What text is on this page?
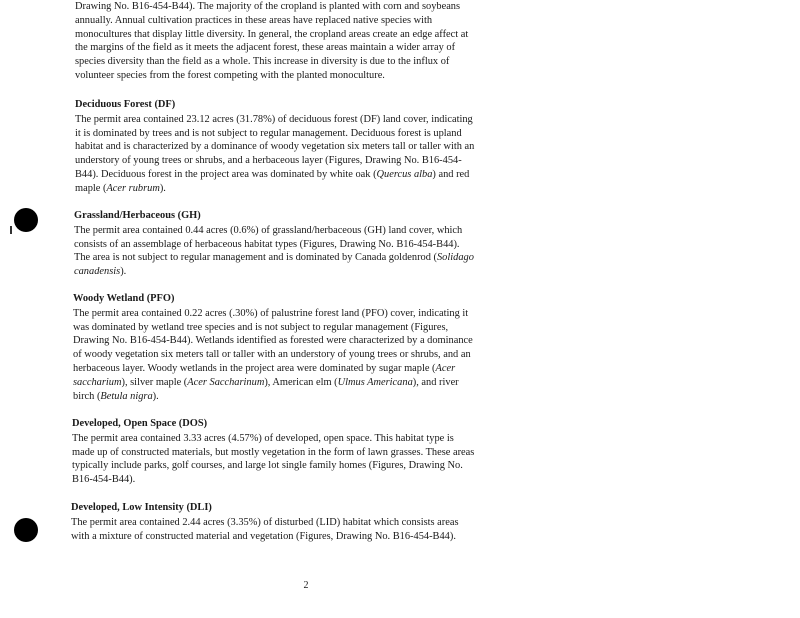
Drawing No. B16-454-B44). The majority of the cropland is planted with corn and soybeans

annually. Annual cultivation practices in these areas have replaced native species with

monocultures that display little diversity. In general, the cropland areas create an edge affect at

the margins of the field as it meets the adjacent forest, these areas maintain a wider array of

species diversity than the field as a whole. This increase in diversity is due to the influx of

volunteer species from the forest competing with the planted monoculture.

Deciduous Forest (DF)

The permit area contained 23.12 acres (31.78%) of deciduous forest (DF) land cover, indicating

it is dominated by trees and is not subject to regular management. Deciduous forest is upland

habitat and is characterized by a dominance of woody vegetation six meters tall or taller with an

understory of young trees or shrubs, and a herbaceous layer (Figures, Drawing No. B16-454-

B44). Deciduous forest in the project area was dominated by white oak (Quercus alba) and red

maple (Acer rubrum).

Grassland/Herbaceous (GH)

The permit area contained 0.44 acres (0.6%) of grassland/herbaceous (GH) land cover, which

consists of an assemblage of herbaceous habitat types (Figures, Drawing No. B16-454-B44).

The area is not subject to regular management and is dominated by Canada goldenrod (Solidago

canadensis).

Woody Wetland (PFO)

The permit area contained 0.22 acres (.30%) of palustrine forest land (PFO) cover, indicating it

was dominated by wetland tree species and is not subject to regular management (Figures,

Drawing No. B16-454-B44). Wetlands identified as forested were characterized by a dominance

of woody vegetation six meters tall or taller with an understory of young trees or shrubs, and an

herbaceous layer. Woody wetlands in the project area were dominated by sugar maple (Acer

saccharium), silver maple (Acer Saccharinum), American elm (Ulmus Americana), and river

birch (Betula nigra).

Developed, Open Space (DOS)

The permit area contained 3.33 acres (4.57%) of developed, open space. This habitat type is

made up of constructed materials, but mostly vegetation in the form of lawn grasses. These areas

typically include parks, golf courses, and large lot single family homes (Figures, Drawing No.

B16-454-B44).

Developed, Low Intensity (DLI)

The permit area contained 2.44 acres (3.35%) of disturbed (LID) habitat which consists areas

with a mixture of constructed material and vegetation (Figures, Drawing No. B16-454-B44).

2
